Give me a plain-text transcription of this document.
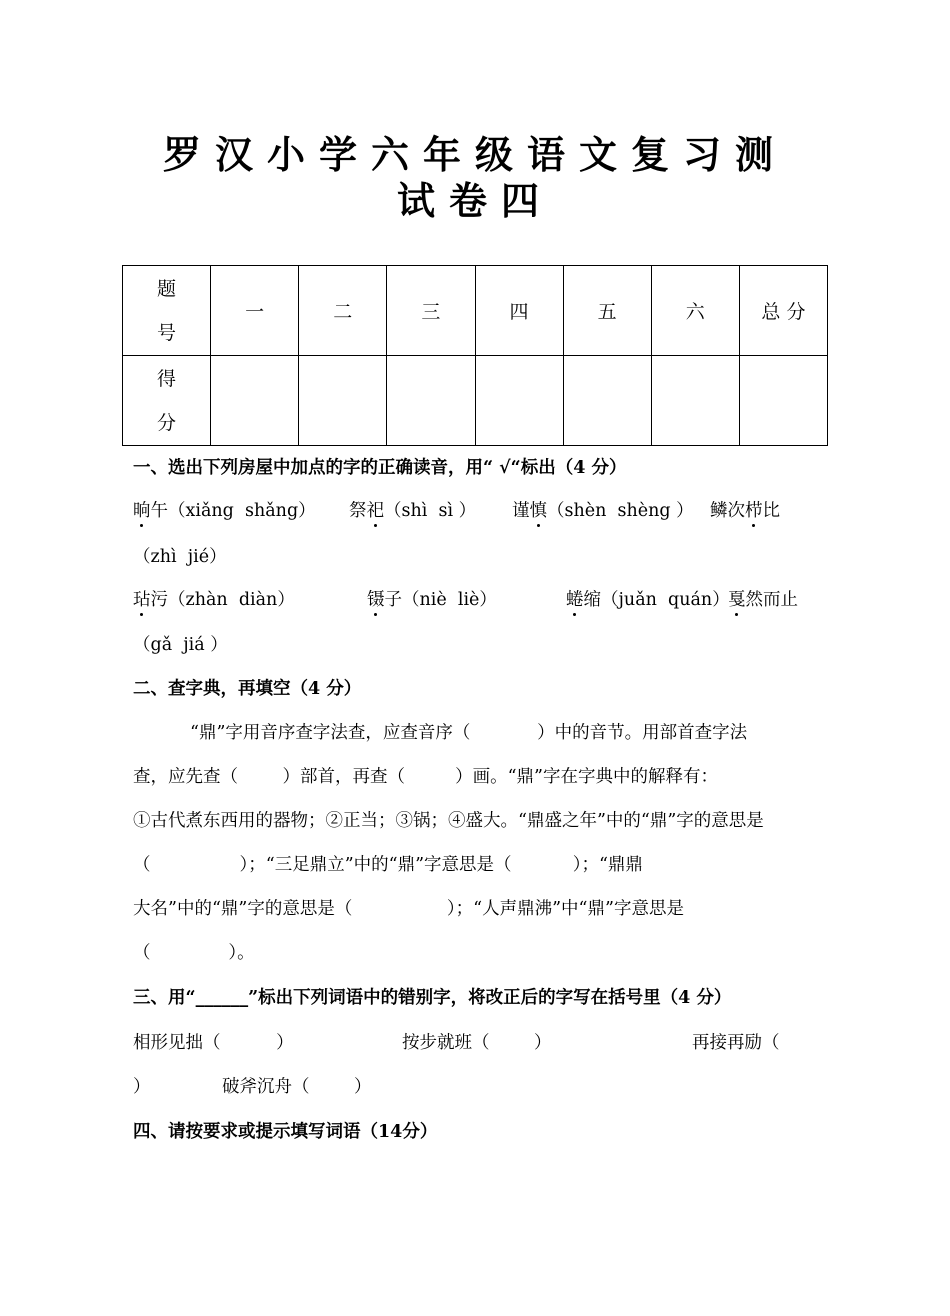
罗汉小学六年级语文复习测
试卷四
题
号	一	二	三	四	五	六	总 分

得
分							

一、选出下列房屋中加点的字的正确读音，用“ √“标出（4 分）
晌午（xiǎng  shǎng） 祭祀（shì  sì ） 谨慎（shèn  shèng ） 鳞次栉比
（zhì  jié）
玷污（zhàn  diàn）	镊子（niè  liè）	蜷缩（juǎn  quán）
戛然而止
（gǎ  jiá ）
二、查字典，再填空（4 分）
“鼎”字用音序查字法查，应查音序（            ）中的音节。用部首查字法
查，应先查（        ）部首，再查（         ）画。“鼎”字在字典中的解释有：
①古代煮东西用的器物；②正当；③锅；④盛大。“鼎盛之年”中的“鼎”字的意思是
（                ）；“三足鼎立”中的“鼎”字意思是（           ）；“鼎鼎
大名”中的“鼎”字的意思是（                 ）；“人声鼎沸”中“鼎”字意思是
（              ）。
三、用“______”标出下列词语中的错别字，将改正后的字写在括号里（4 分）
相形见拙（          ）	按步就班（        ）	再接再励（
）	破斧沉舟（        ）
四、请按要求或提示填写词语（14分）
